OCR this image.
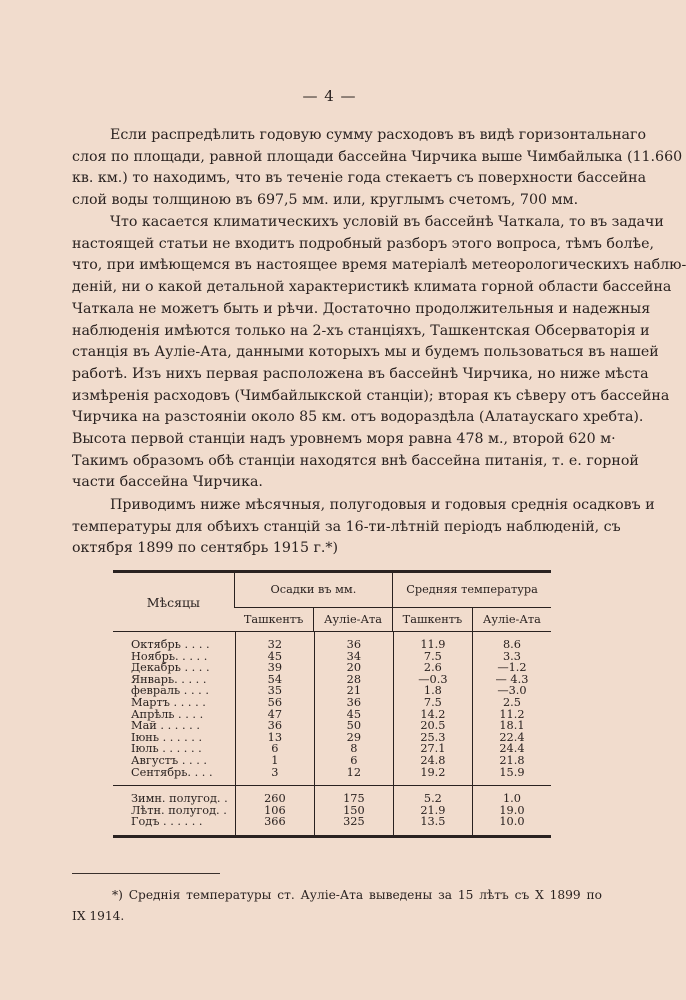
— 4 —

Если распредѣлить годовую сумму расходовъ въ видѣ горизонтальнаго
слоя по площади, равной площади бассейна Чирчика выше Чимбайлыка (11.660
кв. км.) то находимъ, что въ теченіе года стекаетъ съ поверхности бассейна
слой воды толщиною въ 697,5 мм. или, круглымъ счетомъ, 700 мм.

Что касается климатическихъ условій въ бассейнѣ Чаткала, то въ задачи
настоящей статьи не входитъ подробный разборъ этого вопроса, тѣмъ болѣе,
что, при имѣющемся въ настоящее время матеріалѣ метеорологическихъ наблю-
деній, ни о какой детальной характеристикѣ климата горной области бассейна
Чаткала не можетъ быть и рѣчи. Достаточно продолжительныя и надежныя
наблюденія имѣются только на 2-хъ станціяхъ, Ташкентская Обсерваторія и
станція въ Ауліе-Ата, данными которыхъ мы и будемъ пользоваться въ нашей
работѣ. Изъ нихъ первая расположена въ бассейнѣ Чирчика, но ниже мѣста
измѣренія расходовъ (Чимбайлыкской станціи); вторая къ сѣверу отъ бассейна
Чирчика на разстояніи около 85 км. отъ водораздѣла (Алатаускаго хребта).
Высота первой станціи надъ уровнемъ моря равна 478 м., второй 620 м·
Такимъ образомъ обѣ станціи находятся внѣ бассейна питанія, т. е. горной
части бассейна Чирчика.

Приводимъ ниже мѣсячныя, полугодовыя и годовыя среднія осадковъ и
температуры для обѣихъ станцій за 16-ти-лѣтній періодъ наблюденій, съ
октября 1899 по сентябрь 1915 г.*)

Мѣсяцы	Осадки въ мм.		Средняя температура	
	Ташкентъ	Ауліе-Ата	Ташкентъ	Ауліе-Ата

Октябрь . . . .	32	36	11.9	8.6
Ноябрь. . . . .	45	34	7.5	3.3
Декабрь . . . .	39	20	2.6	—1.2
Январь. . . . .	54	28	—0.3	— 4.3
февраль . . . .	35	21	1.8	—3.0
Мартъ . . . . .	56	36	7.5	2.5
Апрѣль . . . .	47	45	14.2	11.2
Май . . . . . .	36	50	20.5	18.1
Іюнь . . . . . .	13	29	25.3	22.4
Іюль . . . . . .	6	8	27.1	24.4
Августъ . . . .	1	6	24.8	21.8
Сентябрь. . . .	3	12	19.2	15.9

Зимн. полугод. .	260	175	5.2	1.0
Лѣтн. полугод. .	106	150	21.9	19.0
Годъ . . . . . .	366	325	13.5	10.0

*) Среднія температуры ст. Ауліе-Ата выведены за 15 лѣтъ съ X 1899 по
IX 1914.
